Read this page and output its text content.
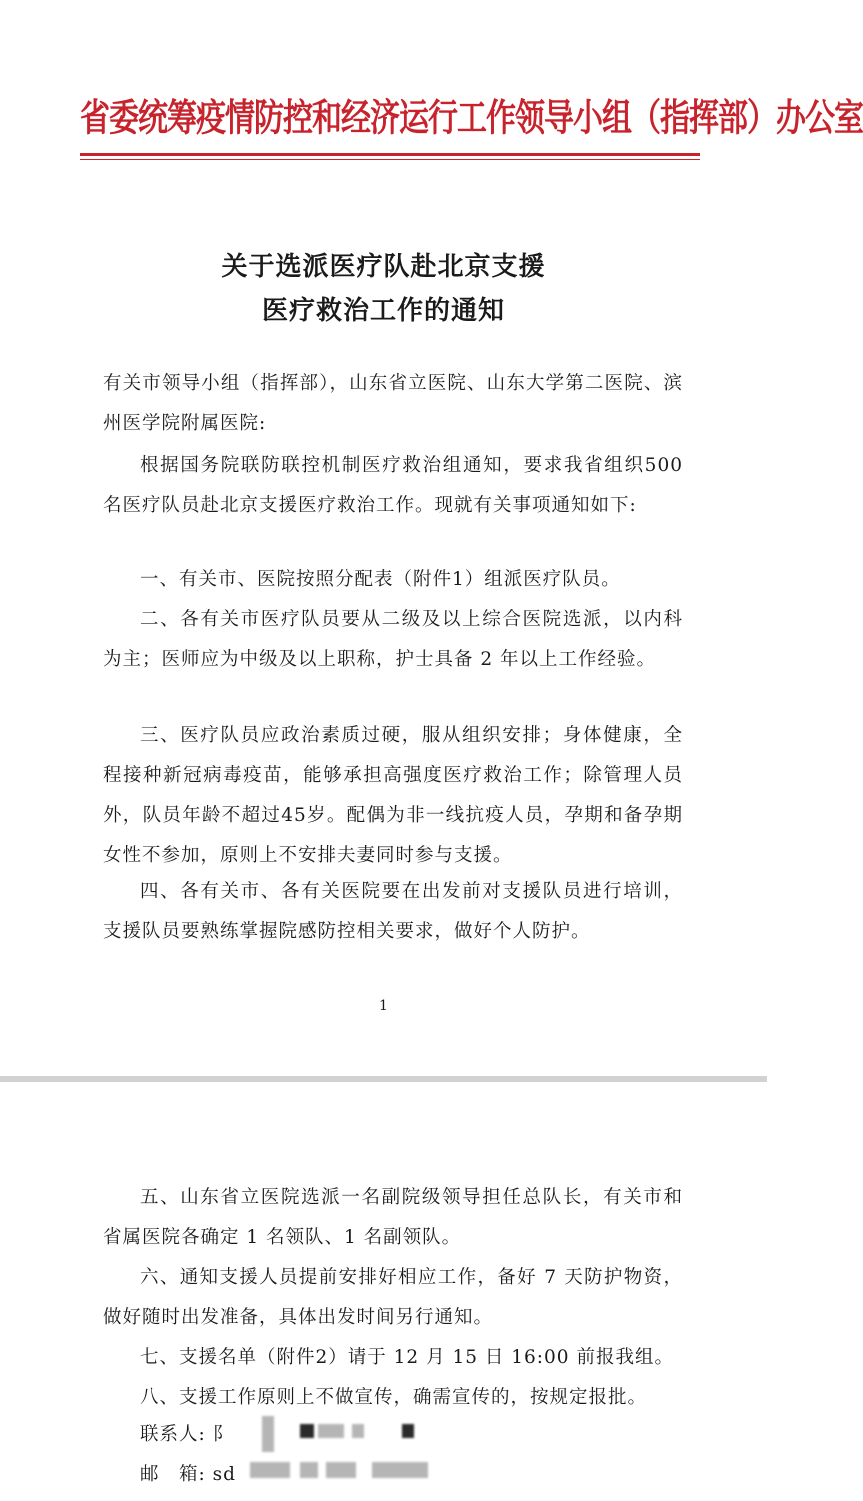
省委统筹疫情防控和经济运行工作领导小组（指挥部）办公室
关于选派医疗队赴北京支援
医疗救治工作的通知

有关市领导小组（指挥部），山东省立医院、山东大学第二医院、滨州医学院附属医院:

根据国务院联防联控机制医疗救治组通知，要求我省组织500名医疗队员赴北京支援医疗救治工作。现就有关事项通知如下:

一、有关市、医院按照分配表（附件1）组派医疗队员。

二、各有关市医疗队员要从二级及以上综合医院选派，以内科为主；医师应为中级及以上职称，护士具备 2 年以上工作经验。

三、医疗队员应政治素质过硬，服从组织安排；身体健康，全程接种新冠病毒疫苗，能够承担高强度医疗救治工作；除管理人员外，队员年龄不超过45岁。配偶为非一线抗疫人员，孕期和备孕期女性不参加，原则上不安排夫妻同时参与支援。

四、各有关市、各有关医院要在出发前对支援队员进行培训，支援队员要熟练掌握院感防控相关要求，做好个人防护。

1

五、山东省立医院选派一名副院级领导担任总队长，有关市和省属医院各确定 1 名领队、1 名副领队。

六、通知支援人员提前安排好相应工作，备好 7 天防护物资，做好随时出发准备，具体出发时间另行通知。

七、支援名单（附件2）请于 12 月 15 日 16:00 前报我组。

八、支援工作原则上不做宣传，确需宣传的，按规定报批。

联系人: 阝
邮　箱: sd
